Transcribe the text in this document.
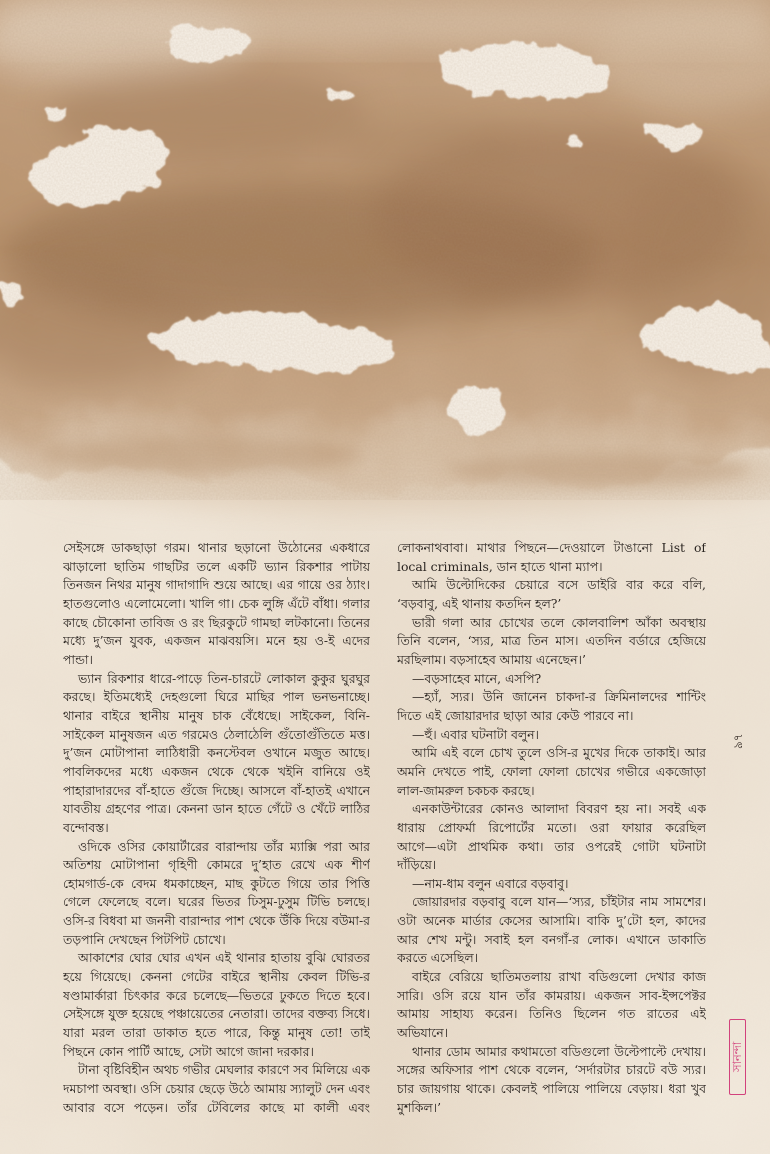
সেইসঙ্গে ডাকছাড়া গরম। থানার ছড়ানো উঠোনের একধারে
ঝাড়ালো ছাতিম গাছটির তলে একটি ভ্যান রিকশার পাটায়
তিনজন নিথর মানুষ গাদাগাদি শুয়ে আছে। এর গায়ে ওর ঠ্যাং।
হাতগুলোও এলোমেলো। খালি গা। চেক লুঙ্গি এঁটে বাঁধা। গলার
কাছে চৌকোনা তাবিজ ও রং ছিরকুটে গামছা লটকানো। তিনের
মধ্যে দু’জন যুবক, একজন মাঝবয়সি। মনে হয় ও-ই এদের
পান্ডা।
ভ্যান রিকশার ধারে-পাড়ে তিন-চারটে লোকাল কুকুর ঘুরঘুর
করছে। ইতিমধ্যেই দেহগুলো ঘিরে মাছির পাল ভনভনাচ্ছে।
থানার বাইরে স্থানীয় মানুষ চাক বেঁধেছে। সাইকেল, বিনি-
সাইকেল মানুষজন এত গরমেও ঠেলাঠেলি গুঁতোগুঁতিতে মত্ত।
দু’জন মোটাপানা লাঠিধারী কনস্টেবল ওখানে মজুত আছে।
পাবলিকদের মধ্যে একজন থেকে থেকে খইনি বানিয়ে ওই
পাহারাদারদের বাঁ-হাতে গুঁজে দিচ্ছে। আসলে বাঁ-হাতই এখানে
যাবতীয় গ্রহণের পাত্র। কেননা ডান হাতে গেঁটে ও খেঁটে লাঠির
বন্দোবস্ত।
ওদিকে ওসির কোয়ার্টারের বারান্দায় তাঁর ম্যাক্সি পরা আর
অতিশয় মোটাপানা গৃহিণী কোমরে দু’হাত রেখে এক শীর্ণ
হোমগার্ড-কে বেদম ধমকাচ্ছেন, মাছ কুটতে গিয়ে তার পিত্তি
গেলে ফেলেছে বলে। ঘরের ভিতর ঢিসুম-ঢুসুম টিভি চলছে।
ওসি-র বিধবা মা জননী বারান্দার পাশ থেকে উঁকি দিয়ে বউমা-র
তড়পানি দেখছেন পিটপিট চোখে।
আকাশের ঘোর ঘোর এখন এই থানার হাতায় বুঝি ঘোরতর
হয়ে গিয়েছে। কেননা গেটের বাইরে স্থানীয় কেবল টিভি-র
ষণ্ডামার্কারা চিৎকার করে চলেছে—ভিতরে ঢুকতে দিতে হবে।
সেইসঙ্গে যুক্ত হয়েছে পঞ্চায়েতের নেতারা। তাদের বক্তব্য সিধে।
যারা মরল তারা ডাকাত হতে পারে, কিন্তু মানুষ তো! তাই
পিছনে কোন পার্টি আছে, সেটা আগে জানা দরকার।
টানা বৃষ্টিবিহীন অথচ গভীর মেঘলার কারণে সব মিলিয়ে এক
দমচাপা অবস্থা। ওসি চেয়ার ছেড়ে উঠে আমায় স্যালুট দেন এবং
আবার বসে পড়েন। তাঁর টেবিলের কাছে মা কালী এবং
লোকনাথবাবা। মাথার পিছনে—দেওয়ালে টাঙানো List of
local criminals, ডান হাতে থানা ম্যাপ।
আমি উল্টোদিকের চেয়ারে বসে ডাইরি বার করে বলি,
‘বড়বাবু, এই থানায় কতদিন হল?’
ভারী গলা আর চোখের তলে কোলবালিশ আঁকা অবস্থায়
তিনি বলেন, ‘স্যর, মাত্র তিন মাস। এতদিন বর্ডারে হেজিয়ে
মরছিলাম। বড়সাহেব আমায় এনেছেন।’
—বড়সাহেব মানে, এসপি?
—হ্যাঁ, স্যর। উনি জানেন চাকদা-র ক্রিমিনালদের শান্টিং
দিতে এই জোয়ারদার ছাড়া আর কেউ পারবে না।
—হুঁ। এবার ঘটনাটা বলুন।
আমি এই বলে চোখ তুলে ওসি-র মুখের দিকে তাকাই। আর
অমনি দেখতে পাই, ফোলা ফোলা চোখের গভীরে একজোড়া
লাল-জামরুল চকচক করছে।
এনকাউন্টারের কোনও আলাদা বিবরণ হয় না। সবই এক
ধারায় প্রোফর্মা রিপোর্টের মতো। ওরা ফায়ার করেছিল
আগে—এটা প্রাথমিক কথা। তার ওপরেই গোটা ঘটনাটা
দাঁড়িয়ে।
—নাম-ধাম বলুন এবারে বড়বাবু।
জোয়ারদার বড়বাবু বলে যান—‘স্যর, চাঁইটার নাম সামশের।
ওটা অনেক মার্ডার কেসের আসামি। বাকি দু’টো হল, কাদের
আর শেখ মন্টু। সবাই হল বনগাঁ-র লোক। এখানে ডাকাতি
করতে এসেছিল।
বাইরে বেরিয়ে ছাতিমতলায় রাখা বডিগুলো দেখার কাজ
সারি। ওসি রয়ে যান তাঁর কামরায়। একজন সাব-ইন্সপেক্টর
আমায় সাহায্য করেন। তিনিও ছিলেন গত রাতের এই
অভিযানে।
থানার ডোম আমার কথামতো বডিগুলো উল্টেপাল্টে দেখায়।
সঙ্গের অফিসার পাশ থেকে বলেন, ‘সর্দারটার চারটে বউ স্যর।
চার জায়গায় থাকে। কেবলই পালিয়ে পালিয়ে বেড়ায়। ধরা খুব
মুশকিল।’
৯৭
সানন্দা
